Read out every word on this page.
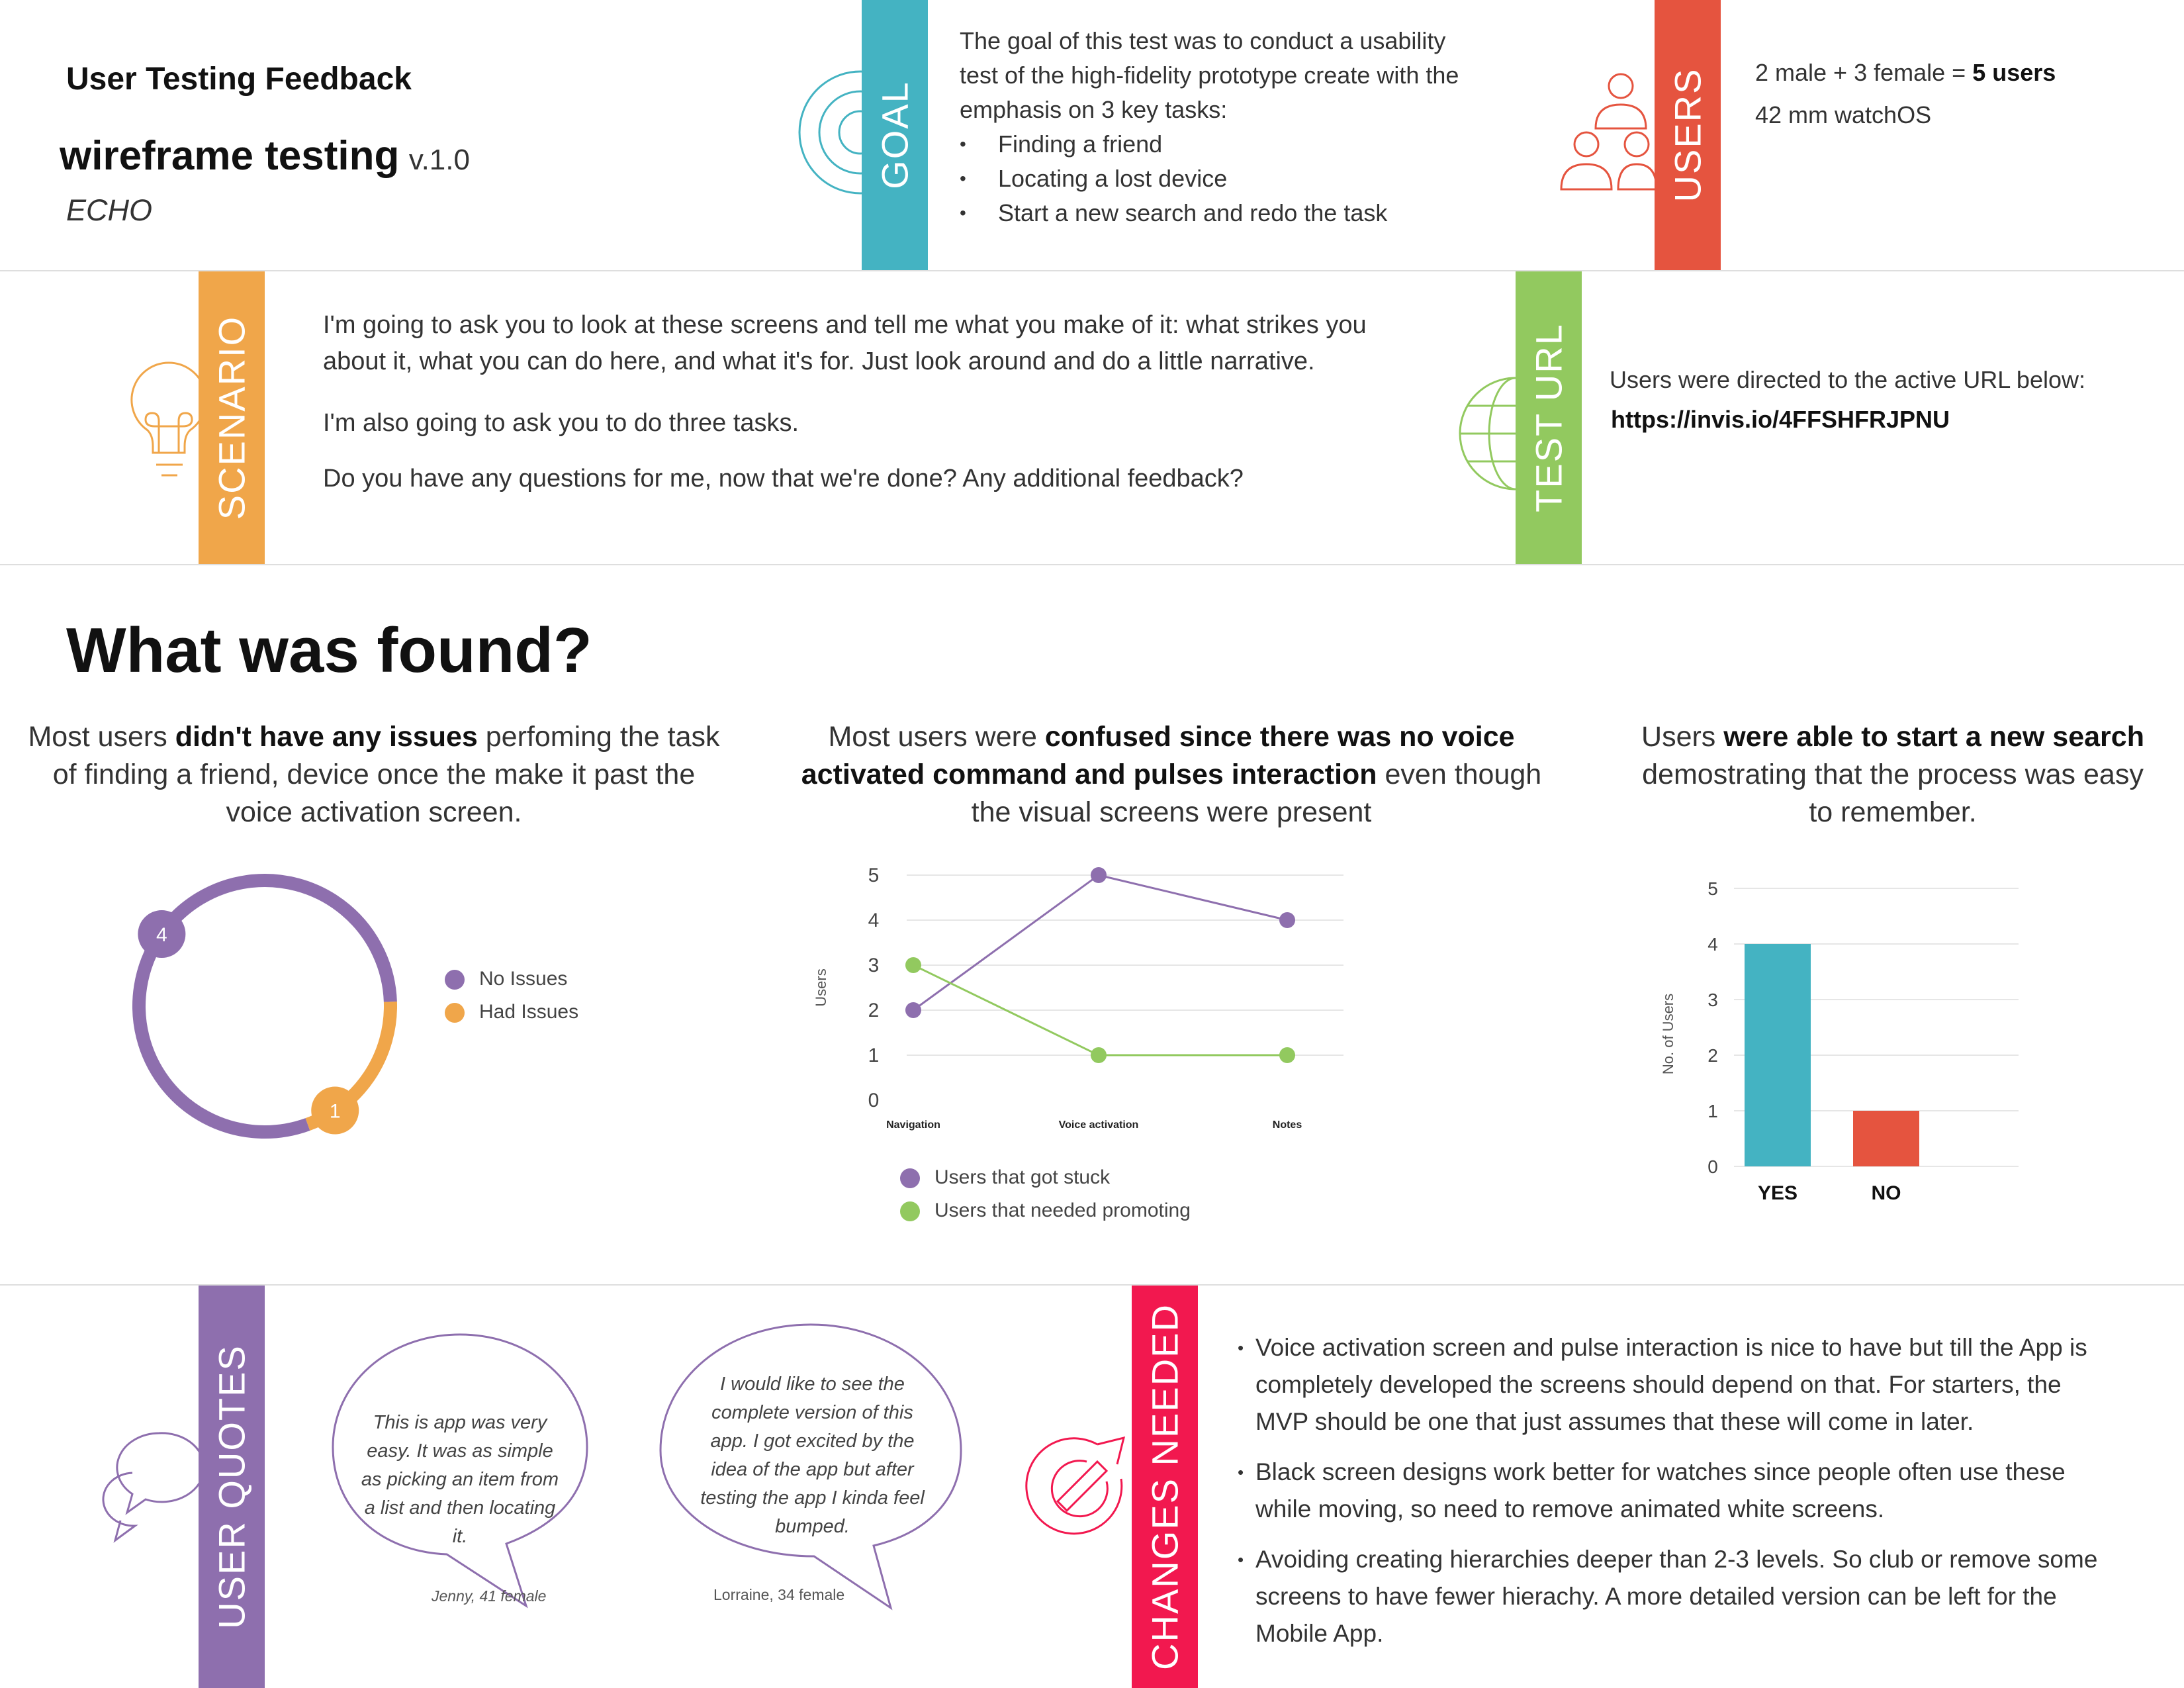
User Testing Feedback
wireframe testing v.1.0
ECHO
GOAL
The goal of this test was to conduct a usability test of the high-fidelity prototype create with the emphasis on 3 key tasks:
• Finding a friend
• Locating a lost device
• Start a new search and redo the task
USERS 2 male + 3 female = 5 users
42 mm watchOS
SCENARIO	I'm going to ask you to look at these screens and tell me what you make of it: what strikes you about it, what you can do here, and what it's for. Just look around and do a little narrative.
I'm also going to ask you to do three tasks.
Do you have any questions for me, now that we're done? Any additional feedback?	TEST URL Users were directed to the active URL below:
https://invis.io/4FFSHFRJPNU
What was found?
Most users didn't have any issues perfoming the task of finding a friend, device once the make it past the voice activation screen.
Most users were confused since there was no voice activated command and pulses interaction even though the visual screens were present
Users were able to start a new search demostrating that the process was easy to remember.
4
1
No Issues
Had Issues
0
1
2
3
4
5
Users
Navigation	Voice activation	Notes
Users that got stuck
Users that needed promoting
0
1
2
3
4
5
No. of Users
YES	NO
USER QUOTES	This is app was very easy. It was as simple as picking an item from a list and then locating it.
Jenny, 41 female
I would like to see the complete version of this app. I got excited by the idea of the app but after testing the app I kinda feel bumped.
Lorraine, 34 female	CHANGES NEEDED
•	Voice activation screen and pulse interaction is nice to have but till the App is completely developed the screens should depend on that. For starters, the MVP should be one that just assumes that these will come in later.
• Black screen designs work better for watches since people often use these while moving, so need to remove animated white screens.
• Avoiding creating hierarchies deeper than 2-3 levels. So club or remove some screens to have fewer hierachy. A more detailed version can be left for the Mobile App.
